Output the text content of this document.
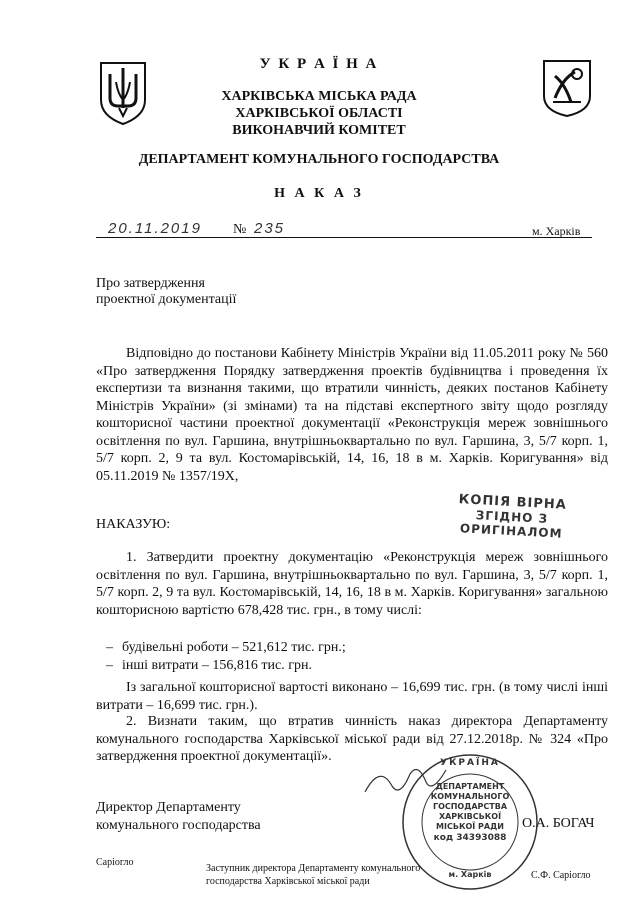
У К Р А Ї Н А
ХАРКІВСЬКА МІСЬКА РАДА
ХАРКІВСЬКОЇ ОБЛАСТІ
ВИКОНАВЧИЙ КОМІТЕТ
ДЕПАРТАМЕНТ КОМУНАЛЬНОГО ГОСПОДАРСТВА
Н А К А З
20.11.2019 № 235	м. Харків
Про затвердження
проектної документації
Відповідно до постанови Кабінету Міністрів України від 11.05.2011 року № 560 «Про затвердження Порядку затвердження проектів будівництва і проведення їх експертизи та визнання такими, що втратили чинність, деяких постанов Кабінету Міністрів України» (зі змінами) та на підставі експертного звіту щодо розгляду кошторисної частини проектної документації «Реконструкція мереж зовнішнього освітлення по вул. Гаршина, внутрішньоквартально по вул. Гаршина, 3, 5/7 корп. 1, 5/7 корп. 2, 9 та вул. Костомарівській, 14, 16, 18 в м. Харків. Коригування» від 05.11.2019 № 1357/19Х,
НАКАЗУЮ:
КОПІЯ ВІРНА
ЗГІДНО З
ОРИГІНАЛОМ
1. Затвердити проектну документацію «Реконструкція мереж зовнішнього освітлення по вул. Гаршина, внутрішньоквартально по вул. Гаршина, 3, 5/7 корп. 1, 5/7 корп. 2, 9 та вул. Костомарівській, 14, 16, 18 в м. Харків. Коригування» загальною кошторисною вартістю 678,428 тис. грн., в тому числі:
– будівельні роботи – 521,612 тис. грн.;
– інші витрати – 156,816 тис. грн.
Із загальної кошторисної вартості виконано – 16,699 тис. грн. (в тому числі інші витрати – 16,699 тис. грн.).
2. Визнати таким, що втратив чинність наказ директора Департаменту комунального господарства Харківської міської ради від 27.12.2018р. № 324 «Про затвердження проектної документації».
Директор Департаменту
комунального господарства	О.А. БОГАЧ
УКРАЇНА
ДЕПАРТАМЕНТ
КОМУНАЛЬНОГО
ГОСПОДАРСТВА
ХАРКІВСЬКОЇ
МІСЬКОЇ РАДИ
код 34393088
м. Харків
Саріогло
Заступник директора Департаменту комунального
господарства Харківської міської ради
С.Ф. Саріогло
